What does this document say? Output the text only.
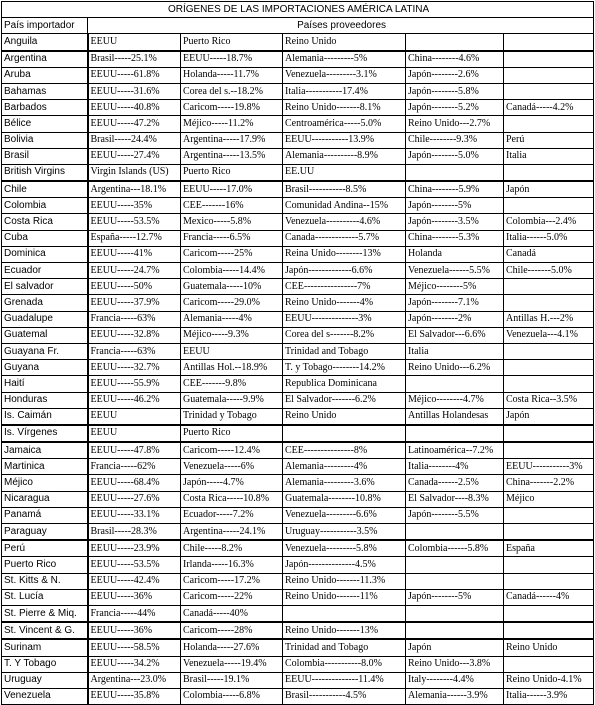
ORÍGENES DE LAS IMPORTACIONES AMÉRICA LATINA					
País importador	Países proveedores				
Anguila	EEUU	Puerto Rico	Reino Unido		
Argentina	Brasil-----25.1%	EEUU-----18.7%	Alemania---------5%	China--------4.6%	
Aruba	EEUU-----61.8%	Holanda-----11.7%	Venezuela---------3.1%	Japón--------2.6%	
Bahamas	EEUU-----31.6%	Corea del s.--18.2%	Italia-----------17.4%	Japón--------5.8%	
Barbados	EEUU-----40.8%	Caricom-----19.8%	Reino Unido-------8.1%	Japón--------5.2%	Canadá-----4.2%
Bélice	EEUU-----47.2%	Méjico-----11.2%	Centroamérica-----5.0%	Reino Unido---2.7%	
Bolivia	Brasil-----24.4%	Argentina-----17.9%	EEUU-----------13.9%	Chile--------9.3%	Perú
Brasil	EEUU-----27.4%	Argentina-----13.5%	Alemania----------8.9%	Japón--------5.0%	Italia
British Virgins	Virgin Islands (US)	Puerto Rico	EE.UU		
Chile	Argentina---18.1%	EEUU-----17.0%	Brasil-----------8.5%	China--------5.9%	Japón
Colombia	EEUU-----35%	CEE-------16%	Comunidad Andina--15%	Japón--------5%	
Costa Rica	EEUU-----53.5%	Mexico-----5.8%	Venezuela----------4.6%	Japón--------3.5%	Colombia---2.4%
Cuba	España-----12.7%	Francia-----6.5%	Canada-------------5.7%	China--------5.3%	Italia------5.0%
Dominica	EEUU-----41%	Caricom-----25%	Reina Unido--------13%	Holanda	Canadá
Ecuador	EEUU-----24.7%	Colombia-----14.4%	Japón-------------6.6%	Venezuela------5.5%	Chile-------5.0%
El salvador	EEUU-----50%	Guatemala-----10%	CEE----------------7%	Méjico--------5%	
Grenada	EEUU-----37.9%	Caricom-----29.0%	Reino Unido-------4%	Japón--------7.1%	
Guadalupe	Francia-----63%	Alemania-----4%	EEUU--------------3%	Japón--------2%	Antillas H.---2%
Guatemal	EEUU-----32.8%	Méjico-----9.3%	Corea del s-------8.2%	El Salvador---6.6%	Venezuela---4.1%
Guayana Fr.	Francia-----63%	EEUU	Trinidad and Tobago	Italia	
Guyana	EEUU-----32.7%	Antillas Hol.--18.9%	T. y Tobago--------14.2%	Reino Unido---6.2%	
Haití	EEUU-----55.9%	CEE-------9.8%	Republica Dominicana		
Honduras	EEUU-----46.2%	Guatemala-----9.9%	El Salvador-------6.2%	Méjico--------4.7%	Costa Rica--3.5%
Is. Caimán	EEUU	Trinidad y Tobago	Reino Unido	Antillas Holandesas	Japón
Is. Vírgenes	EEUU	Puerto Rico			
Jamaica	EEUU-----47.8%	Caricom-----12.4%	CEE---------------8%	Latinoamérica--7.2%	
Martinica	Francia-----62%	Venezuela-----6%	Alemania---------4%	Italia--------4%	EEUU-----------3%
Méjico	EEUU-----68.4%	Japón-----4.7%	Alemania---------3.6%	Canada------2.5%	China-------2.2%
Nicaragua	EEUU-----27.6%	Costa Rica-----10.8%	Guatemala--------10.8%	El Salvador----8.3%	Méjico
Panamá	EEUU-----33.1%	Ecuador-----7.2%	Venezuela---------6.6%	Japón--------5.5%	
Paraguay	Brasil-----28.3%	Argentina-----24.1%	Uruguay-----------3.5%		
Perú	EEUU-----23.9%	Chile-----8.2%	Venezuela---------5.8%	Colombia------5.8%	España
Puerto Rico	EEUU-----53.5%	Irlanda-----16.3%	Japón--------------4.5%		
St. Kitts & N.	EEUU-----42.4%	Caricom-----17.2%	Reino Unido-------11.3%		
St. Lucía	EEUU-----36%	Caricom-----22%	Reino Unido-------11%	Japón--------5%	Canadá------4%
St. Pierre & Miq.	Francia-----44%	Canadá-----40%			
St. Vincent & G.	EEUU-----36%	Caricom-----28%	Reino Unido-------13%		
Surinam	EEUU-----58.5%	Holanda-----27.6%	Trinidad and Tobago	Japón	Reino Unido
T. Y Tobago	EEUU-----34.2%	Venezuela-----19.4%	Colombia-----------8.0%	Reino Unido---3.8%	
Uruguay	Argentina---23.0%	Brasil-----19.1%	EEUU--------------11.4%	Italy--------4.4%	Reino Unido-4.1%
Venezuela	EEUU-----35.8%	Colombia-----6.8%	Brasil-----------4.5%	Alemania------3.9%	Italia------3.9%
